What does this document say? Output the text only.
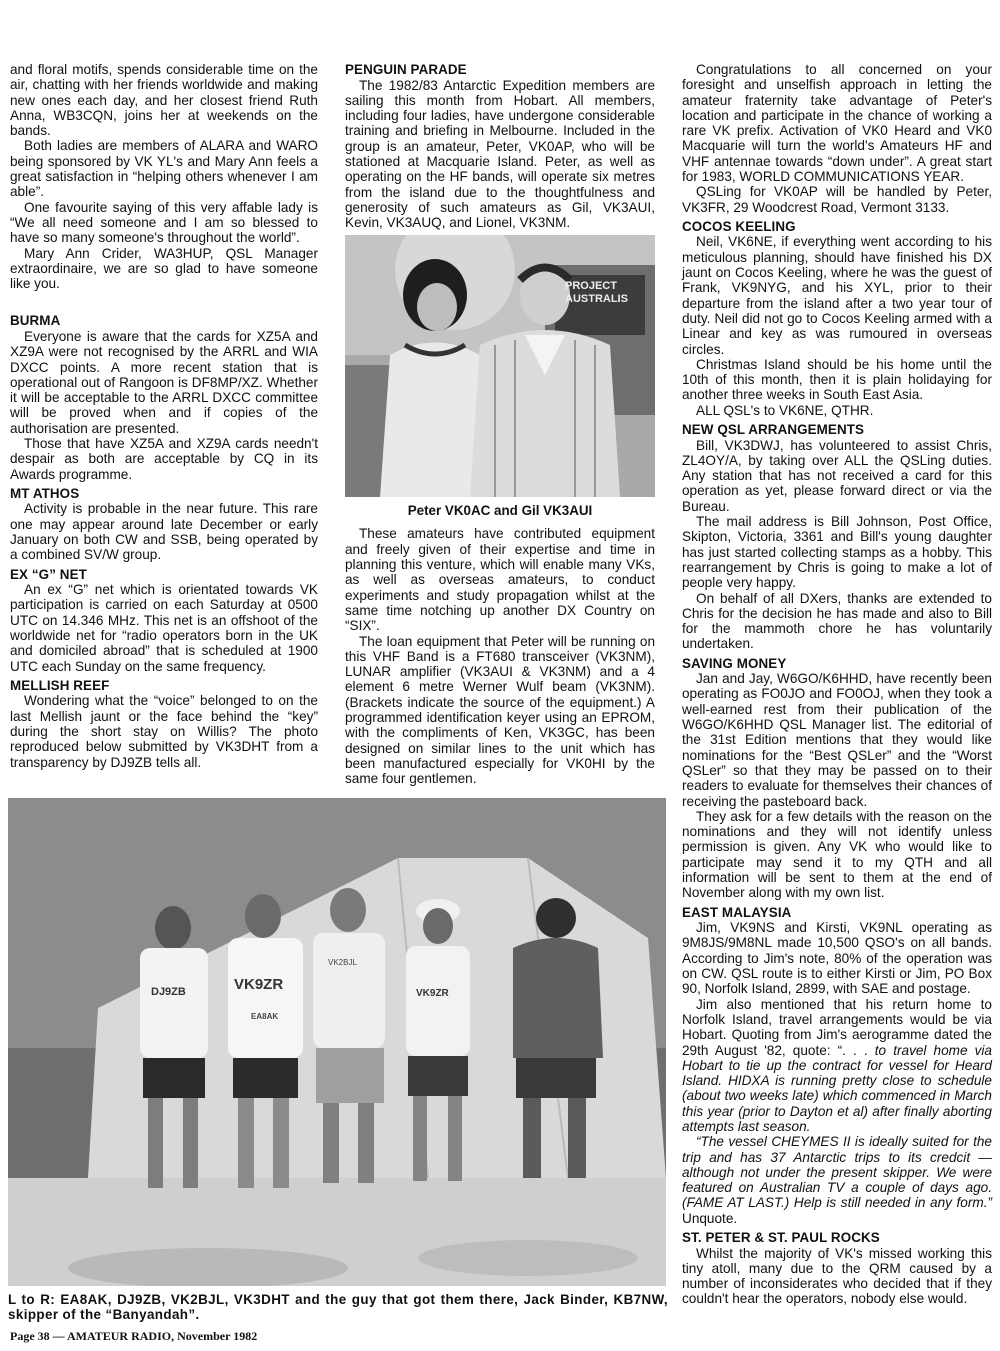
and floral motifs, spends considerable time on the air, chatting with her friends worldwide and making new ones each day, and her closest friend Ruth Anna, WB3CQN, joins her at weekends on the bands.

Both ladies are members of ALARA and WARO being sponsored by VK YL's and Mary Ann feels a great satisfaction in “helping others whenever I am able”.

One favourite saying of this very affable lady is “We all need someone and I am so blessed to have so many someone's throughout the world”.

Mary Ann Crider, WA3HUP, QSL Manager extraordinaire, we are so glad to have someone like you.

BURMA

Everyone is aware that the cards for XZ5A and XZ9A were not recognised by the ARRL and WIA DXCC points. A more recent station that is operational out of Rangoon is DF8MP/XZ. Whether it will be acceptable to the ARRL DXCC committee will be proved when and if copies of the authorisation are presented.

Those that have XZ5A and XZ9A cards needn't despair as both are acceptable by CQ in its Awards programme.

MT ATHOS

Activity is probable in the near future. This rare one may appear around late December or early January on both CW and SSB, being operated by a combined SV/W group.

EX “G” NET

An ex “G” net which is orientated towards VK participation is carried on each Saturday at 0500 UTC on 14.346 MHz. This net is an offshoot of the worldwide net for “radio operators born in the UK and domiciled abroad” that is scheduled at 1900 UTC each Sunday on the same frequency.

MELLISH REEF

Wondering what the “voice” belonged to on the last Mellish jaunt or the face behind the “key” during the short stay on Willis? The photo reproduced below submitted by VK3DHT from a transparency by DJ9ZB tells all.

PENGUIN PARADE

The 1982/83 Antarctic Expedition members are sailing this month from Hobart. All members, including four ladies, have undergone considerable training and briefing in Melbourne. Included in the group is an amateur, Peter, VK0AP, who will be stationed at Macquarie Island. Peter, as well as operating on the HF bands, will operate six metres from the island due to the thoughtfulness and generosity of such amateurs as Gil, VK3AUI, Kevin, VK3AUQ, and Lionel, VK3NM.

PROJECT AUSTRALIS
Peter VK0AC and Gil VK3AUI

These amateurs have contributed equipment and freely given of their expertise and time in planning this venture, which will enable many VKs, as well as overseas amateurs, to conduct experiments and study propagation whilst at the same time notching up another DX Country on “SIX”.

The loan equipment that Peter will be running on this VHF Band is a FT680 transceiver (VK3NM), LUNAR amplifier (VK3AUI & VK3NM) and a 4 element 6 metre Werner Wulf beam (VK3NM). (Brackets indicate the source of the equipment.) A programmed identification keyer using an EPROM, with the compliments of Ken, VK3GC, has been designed on similar lines to the unit which has been manufactured especially for VK0HI by the same four gentlemen.

Congratulations to all concerned on your foresight and unselfish approach in letting the amateur fraternity take advantage of Peter's location and participate in the chance of working a rare VK prefix. Activation of VK0 Heard and VK0 Macquarie will turn the world's Amateurs HF and VHF antennae towards “down under”. A great start for 1983, WORLD COMMUNICATIONS YEAR.

QSLing for VK0AP will be handled by Peter, VK3FR, 29 Woodcrest Road, Vermont 3133.

COCOS KEELING

Neil, VK6NE, if everything went according to his meticulous planning, should have finished his DX jaunt on Cocos Keeling, where he was the guest of Frank, VK9NYG, and his XYL, prior to their departure from the island after a two year tour of duty. Neil did not go to Cocos Keeling armed with a Linear and key as was rumoured in overseas circles.

Christmas Island should be his home until the 10th of this month, then it is plain holidaying for another three weeks in South East Asia.

ALL QSL's to VK6NE, QTHR.

NEW QSL ARRANGEMENTS

Bill, VK3DWJ, has volunteered to assist Chris, ZL4OY/A, by taking over ALL the QSLing duties. Any station that has not received a card for this operation as yet, please forward direct or via the Bureau.

The mail address is Bill Johnson, Post Office, Skipton, Victoria, 3361 and Bill's young daughter has just started collecting stamps as a hobby. This rearrangement by Chris is going to make a lot of people very happy.

On behalf of all DXers, thanks are extended to Chris for the decision he has made and also to Bill for the mammoth chore he has voluntarily undertaken.

SAVING MONEY

Jan and Jay, W6GO/K6HHD, have recently been operating as FO0JO and FO0OJ, when they took a well-earned rest from their publication of the W6GO/K6HHD QSL Manager list. The editorial of the 31st Edition mentions that they would like nominations for the “Best QSLer” and the “Worst QSLer” so that they may be passed on to their readers to evaluate for themselves their chances of receiving the pasteboard back.

They ask for a few details with the reason on the nominations and they will not identify unless permission is given. Any VK who would like to participate may send it to my QTH and all information will be sent to them at the end of November along with my own list.

EAST MALAYSIA

Jim, VK9NS and Kirsti, VK9NL operating as 9M8JS/9M8NL made 10,500 QSO's on all bands. According to Jim's note, 80% of the operation was on CW. QSL route is to either Kirsti or Jim, PO Box 90, Norfolk Island, 2899, with SAE and postage.

Jim also mentioned that his return home to Norfolk Island, travel arrangements would be via Hobart. Quoting from Jim's aerogramme dated the 29th August '82, quote: “. . . to travel home via Hobart to tie up the contract for vessel for Heard Island. HIDXA is running pretty close to schedule (about two weeks late) which commenced in March this year (prior to Dayton et al) after finally aborting attempts last season.

“The vessel CHEYMES II is ideally suited for the trip and has 37 Antarctic trips to its credcit — although not under the present skipper. We were featured on Australian TV a couple of days ago. (FAME AT LAST.) Help is still needed in any form.” Unquote.

ST. PETER & ST. PAUL ROCKS

Whilst the majority of VK's missed working this tiny atoll, many due to the QRM caused by a number of inconsiderates who decided that if they couldn't hear the operators, nobody else would.

DJ9ZB	VK9ZR
EA8AK
VK2BJL
VK9ZR
L to R: EA8AK, DJ9ZB, VK2BJL, VK3DHT and the guy that got them there, Jack Binder, KB7NW, skipper of the “Banyandah”.
Page 38 — AMATEUR RADIO, November 1982
